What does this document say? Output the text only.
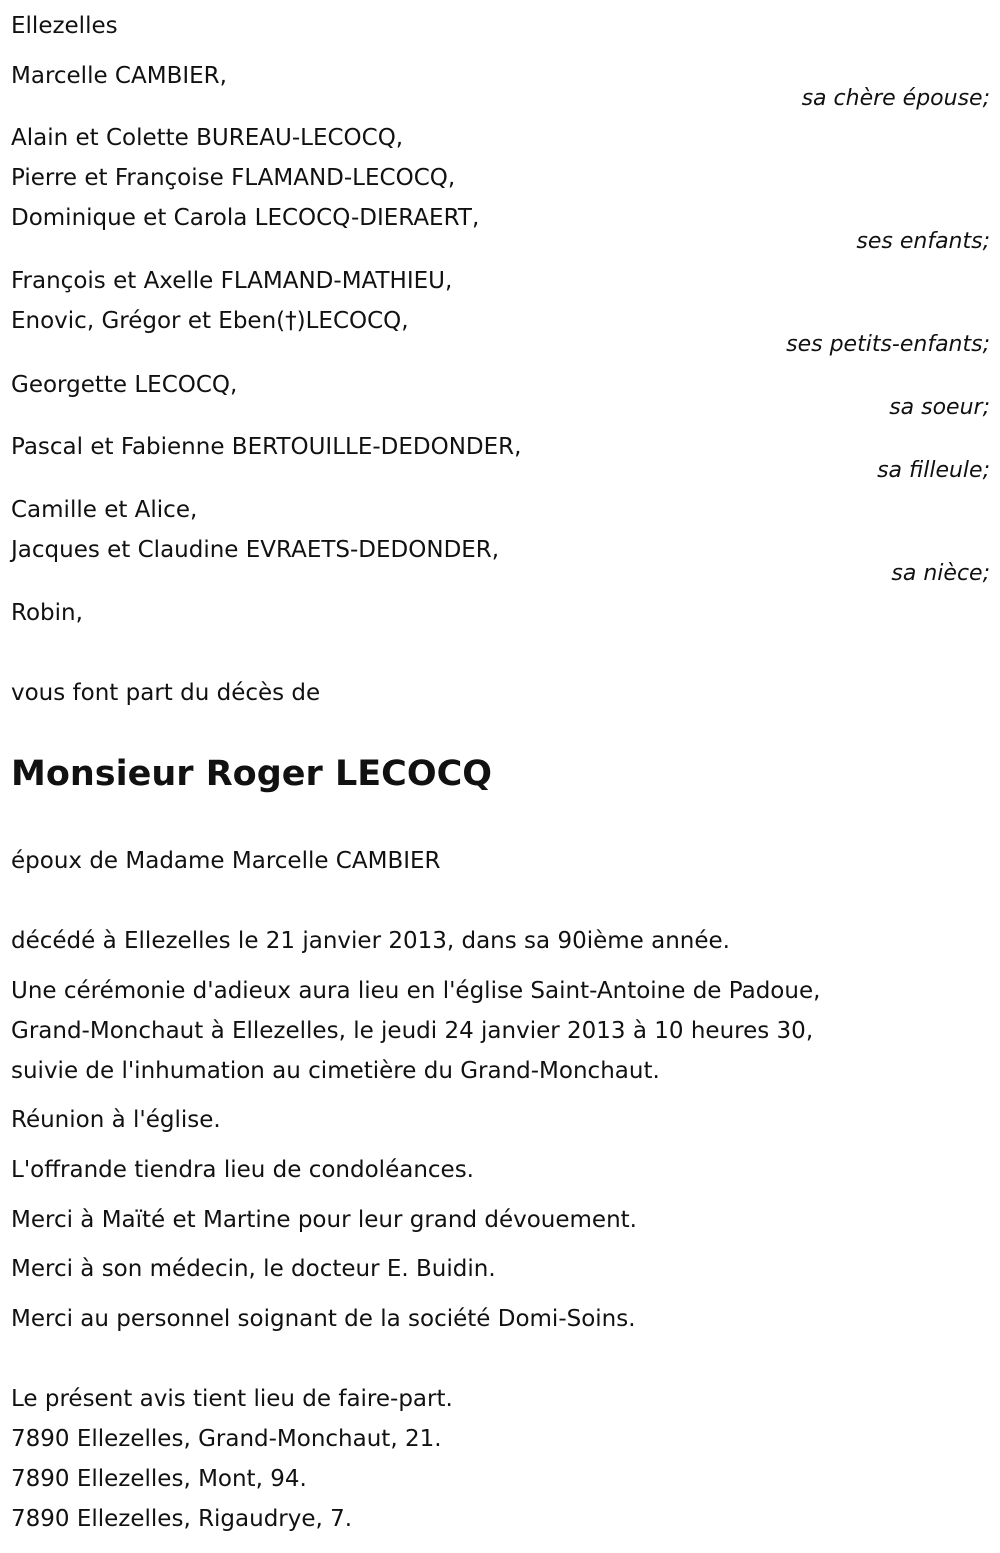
Ellezelles
Marcelle CAMBIER,
sa chère épouse;
Alain et Colette BUREAU-LECOCQ,
Pierre et Françoise FLAMAND-LECOCQ,
Dominique et Carola LECOCQ-DIERAERT,
ses enfants;
François et Axelle FLAMAND-MATHIEU,
Enovic, Grégor et Eben(†)LECOCQ,
ses petits-enfants;
Georgette LECOCQ,
sa soeur;
Pascal et Fabienne BERTOUILLE-DEDONDER,
sa filleule;
Camille et Alice,
Jacques et Claudine EVRAETS-DEDONDER,
sa nièce;
Robin,
vous font part du décès de
Monsieur Roger LECOCQ
époux de Madame Marcelle CAMBIER
décédé à Ellezelles le 21 janvier 2013, dans sa 90ième année.
Une cérémonie d'adieux aura lieu en l'église Saint-Antoine de Padoue,
Grand-Monchaut à Ellezelles, le jeudi 24 janvier 2013 à 10 heures 30,
suivie de l'inhumation au cimetière du Grand-Monchaut.
Réunion à l'église.
L'offrande tiendra lieu de condoléances.
Merci à Maïté et Martine pour leur grand dévouement.
Merci à son médecin, le docteur E. Buidin.
Merci au personnel soignant de la société Domi-Soins.
Le présent avis tient lieu de faire-part.
7890 Ellezelles, Grand-Monchaut, 21.
7890 Ellezelles, Mont, 94.
7890 Ellezelles, Rigaudrye, 7.
